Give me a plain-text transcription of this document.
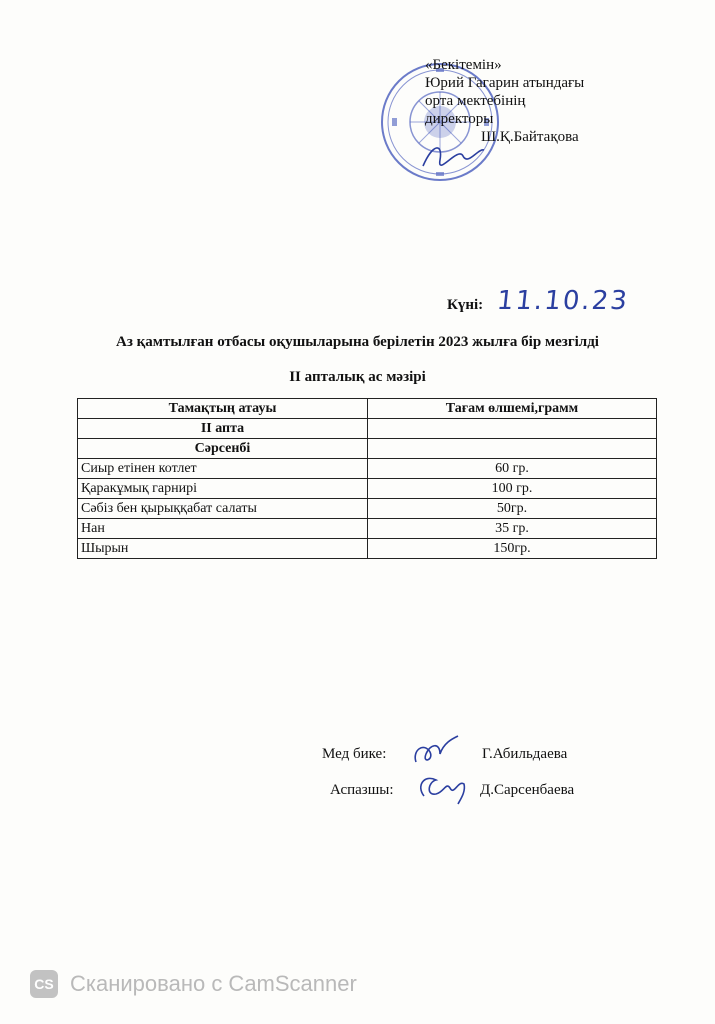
«Бекітемін»
Юрий Гагарин атындағы
орта мектебінің
директоры
Ш.Қ.Байтақова
Күні: 11.10.23
Аз қамтылған отбасы оқушыларына берілетін 2023 жылға бір мезгілді
II апталық ас мәзірі
Тамақтың атауы	Тағам өлшемі,грамм
II апта	
Сәрсенбі	
Сиыр етінен котлет	60 гр.
Қаракұмық гарнирі	100 гр.
Сәбіз бен қырыққабат салаты	50гр.
Нан	35 гр.
Шырын	150гр.
Мед бике:	Г.Абильдаева
Аспазшы:	Д.Сарсенбаева
CS Сканировано с CamScanner
